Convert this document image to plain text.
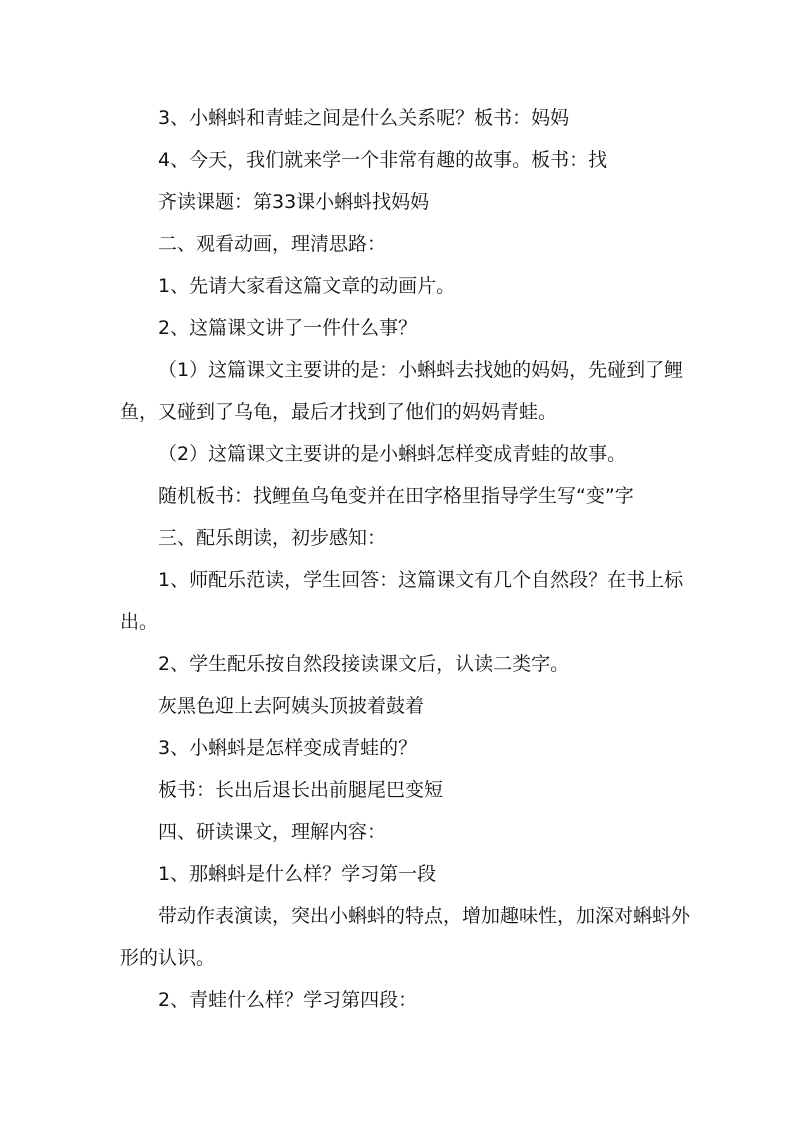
3、小蝌蚪和青蛙之间是什么关系呢？板书：妈妈
4、今天，我们就来学一个非常有趣的故事。板书：找
齐读课题：第33课小蝌蚪找妈妈
二、观看动画，理清思路：
1、先请大家看这篇文章的动画片。
2、这篇课文讲了一件什么事？
（1）这篇课文主要讲的是：小蝌蚪去找她的妈妈，先碰到了鲤
鱼，又碰到了乌龟，最后才找到了他们的妈妈青蛙。
（2）这篇课文主要讲的是小蝌蚪怎样变成青蛙的故事。
随机板书：找鲤鱼乌龟变并在田字格里指导学生写“变”字
三、配乐朗读，初步感知：
1、师配乐范读，学生回答：这篇课文有几个自然段？在书上标
出。
2、学生配乐按自然段接读课文后，认读二类字。
灰黑色迎上去阿姨头顶披着鼓着
3、小蝌蚪是怎样变成青蛙的？
板书：长出后退长出前腿尾巴变短
四、研读课文，理解内容：
1、那蝌蚪是什么样？学习第一段
带动作表演读，突出小蝌蚪的特点，增加趣味性，加深对蝌蚪外
形的认识。
2、青蛙什么样？学习第四段：
